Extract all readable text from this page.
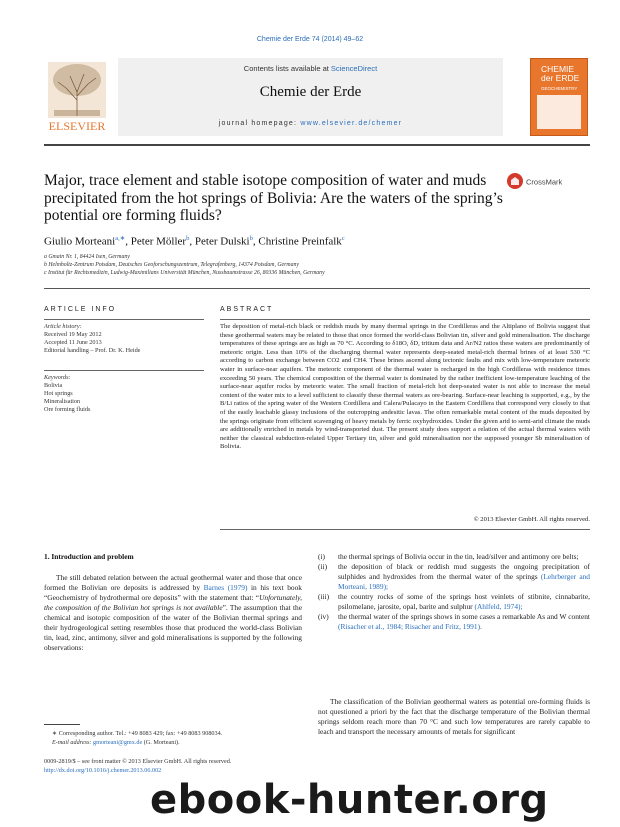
Chemie der Erde 74 (2014) 49–62
ELSEVIER
Contents lists available at ScienceDirect
Chemie der Erde
journal homepage: www.elsevier.de/chemer
CHEMIE
der ERDE
GEOCHEMISTRY
Major, trace element and stable isotope composition of water and muds precipitated from the hot springs of Bolivia: Are the waters of the spring’s potential ore forming fluids?
CrossMark
Giulio Morteani$^{a,∗}$, Peter Möller$^b$, Peter Dulski$^b$, Christine Preinfalk$^c$
a Gmain Nr. 1, 84424 Isen, Germany
b Helmholtz-Zentrum Potsdam, Deutsches Geoforschungszentrum, Telegrafenberg, 14374 Potsdam, Germany
c Institut für Rechtsmedizin, Ludwig-Maximilians Universität München, Nussbaumstrasse 26, 80336 München, Germany
ARTICLE INFO	ABSTRACT
Article history:
Received 19 May 2012
Accepted 11 June 2013
Editorial handling – Prof. Dr. K. Heide
Keywords:
Bolivia
Hot springs
Mineralisation
Ore forming fluids
The deposition of metal-rich black or reddish muds by many thermal springs in the Cordilleras and the Altiplano of Bolivia suggest that these geothermal waters may be related to those that once formed the world-class Bolivian tin, silver and gold mineralisation. The discharge temperatures of these springs are as high as 70 °C. According to δ18O, δD, tritium data and Ar/N2 ratios these waters are predominantly of meteoric origin. Less than 10% of the discharging thermal water represents deep-seated metal-rich thermal brines of at least 530 °C according to carbon exchange between CO2 and CH4. These brines ascend along tectonic faults and mix with low-temperature meteoric water in surface-near aquifers. The meteoric component of the thermal water is recharged in the high Cordilleras with residence times exceeding 50 years. The chemical composition of the thermal water is dominated by the rather inefficient low-temperature leaching of the surface-near aquifer rocks by meteoric water. The small fraction of metal-rich hot deep-seated water is not able to increase the metal content of the water mix to a level sufficient to classify these thermal waters as ore-bearing. Surface-near leaching is supported, e.g., by the B/Li ratios of the spring water of the Western Cordillera and Calera/Pulacayo in the Eastern Cordillera that correspond very closely to that of the easily leachable glassy inclusions of the outcropping andesitic lavas. The often remarkable metal content of the muds deposited by the springs originate from efficient scavenging of heavy metals by ferric oxyhydroxides. Under the given arid to semi-arid climate the muds are additionally enriched in metals by wind-transported dust. The present study does support a relation of the actual thermal waters with neither the classical subduction-related Upper Tertiary tin, silver and gold mineralisation nor the supposed younger Sb mineralisation of Bolivia.
© 2013 Elsevier GmbH. All rights reserved.
1. Introduction and problem
The still debated relation between the actual geothermal water and those that once formed the Bolivian ore deposits is addressed by Barnes (1979) in his text book “Geochemistry of hydrothermal ore deposits” with the statement that: “Unfortunately, the composition of the Bolivian hot springs is not available”. The assumption that the chemical and isotopic composition of the water of the Bolivian thermal springs and their hydrogeological setting resembles those that produced the world-class Bolivian tin, lead, zinc, antimony, silver and gold mineralisations is supported by the following observations:
(i)	the thermal springs of Bolivia occur in the tin, lead/silver and antimony ore belts;
(ii)	the deposition of black or reddish mud suggests the ongoing precipitation of sulphides and hydroxides from the thermal water of the springs (Lehrberger and Morteani, 1989);
(iii)	the country rocks of some of the springs host veinlets of stibnite, cinnabarite, psilomelane, jarosite, opal, barite and sulphur (Ahlfeld, 1974);
(iv)	the thermal water of the springs shows in some cases a remarkable As and W content (Risacher et al., 1984; Risacher and Fritz, 1991).
The classification of the Bolivian geothermal waters as potential ore-forming fluids is not questioned a priori by the fact that the discharge temperature of the Bolivian thermal springs seldom reach more than 70 °C and such low temperatures are rarely capable to leach and transport the necessary amounts of metals for significant
∗ Corresponding author. Tel.: +49 8083 429; fax: +49 8083 908034.
E-mail address: gmorteani@gmx.de (G. Morteani).
0009-2819/$ – see front matter © 2013 Elsevier GmbH. All rights reserved.
http://dx.doi.org/10.1016/j.chemer.2013.06.002
ebook-hunter.org
